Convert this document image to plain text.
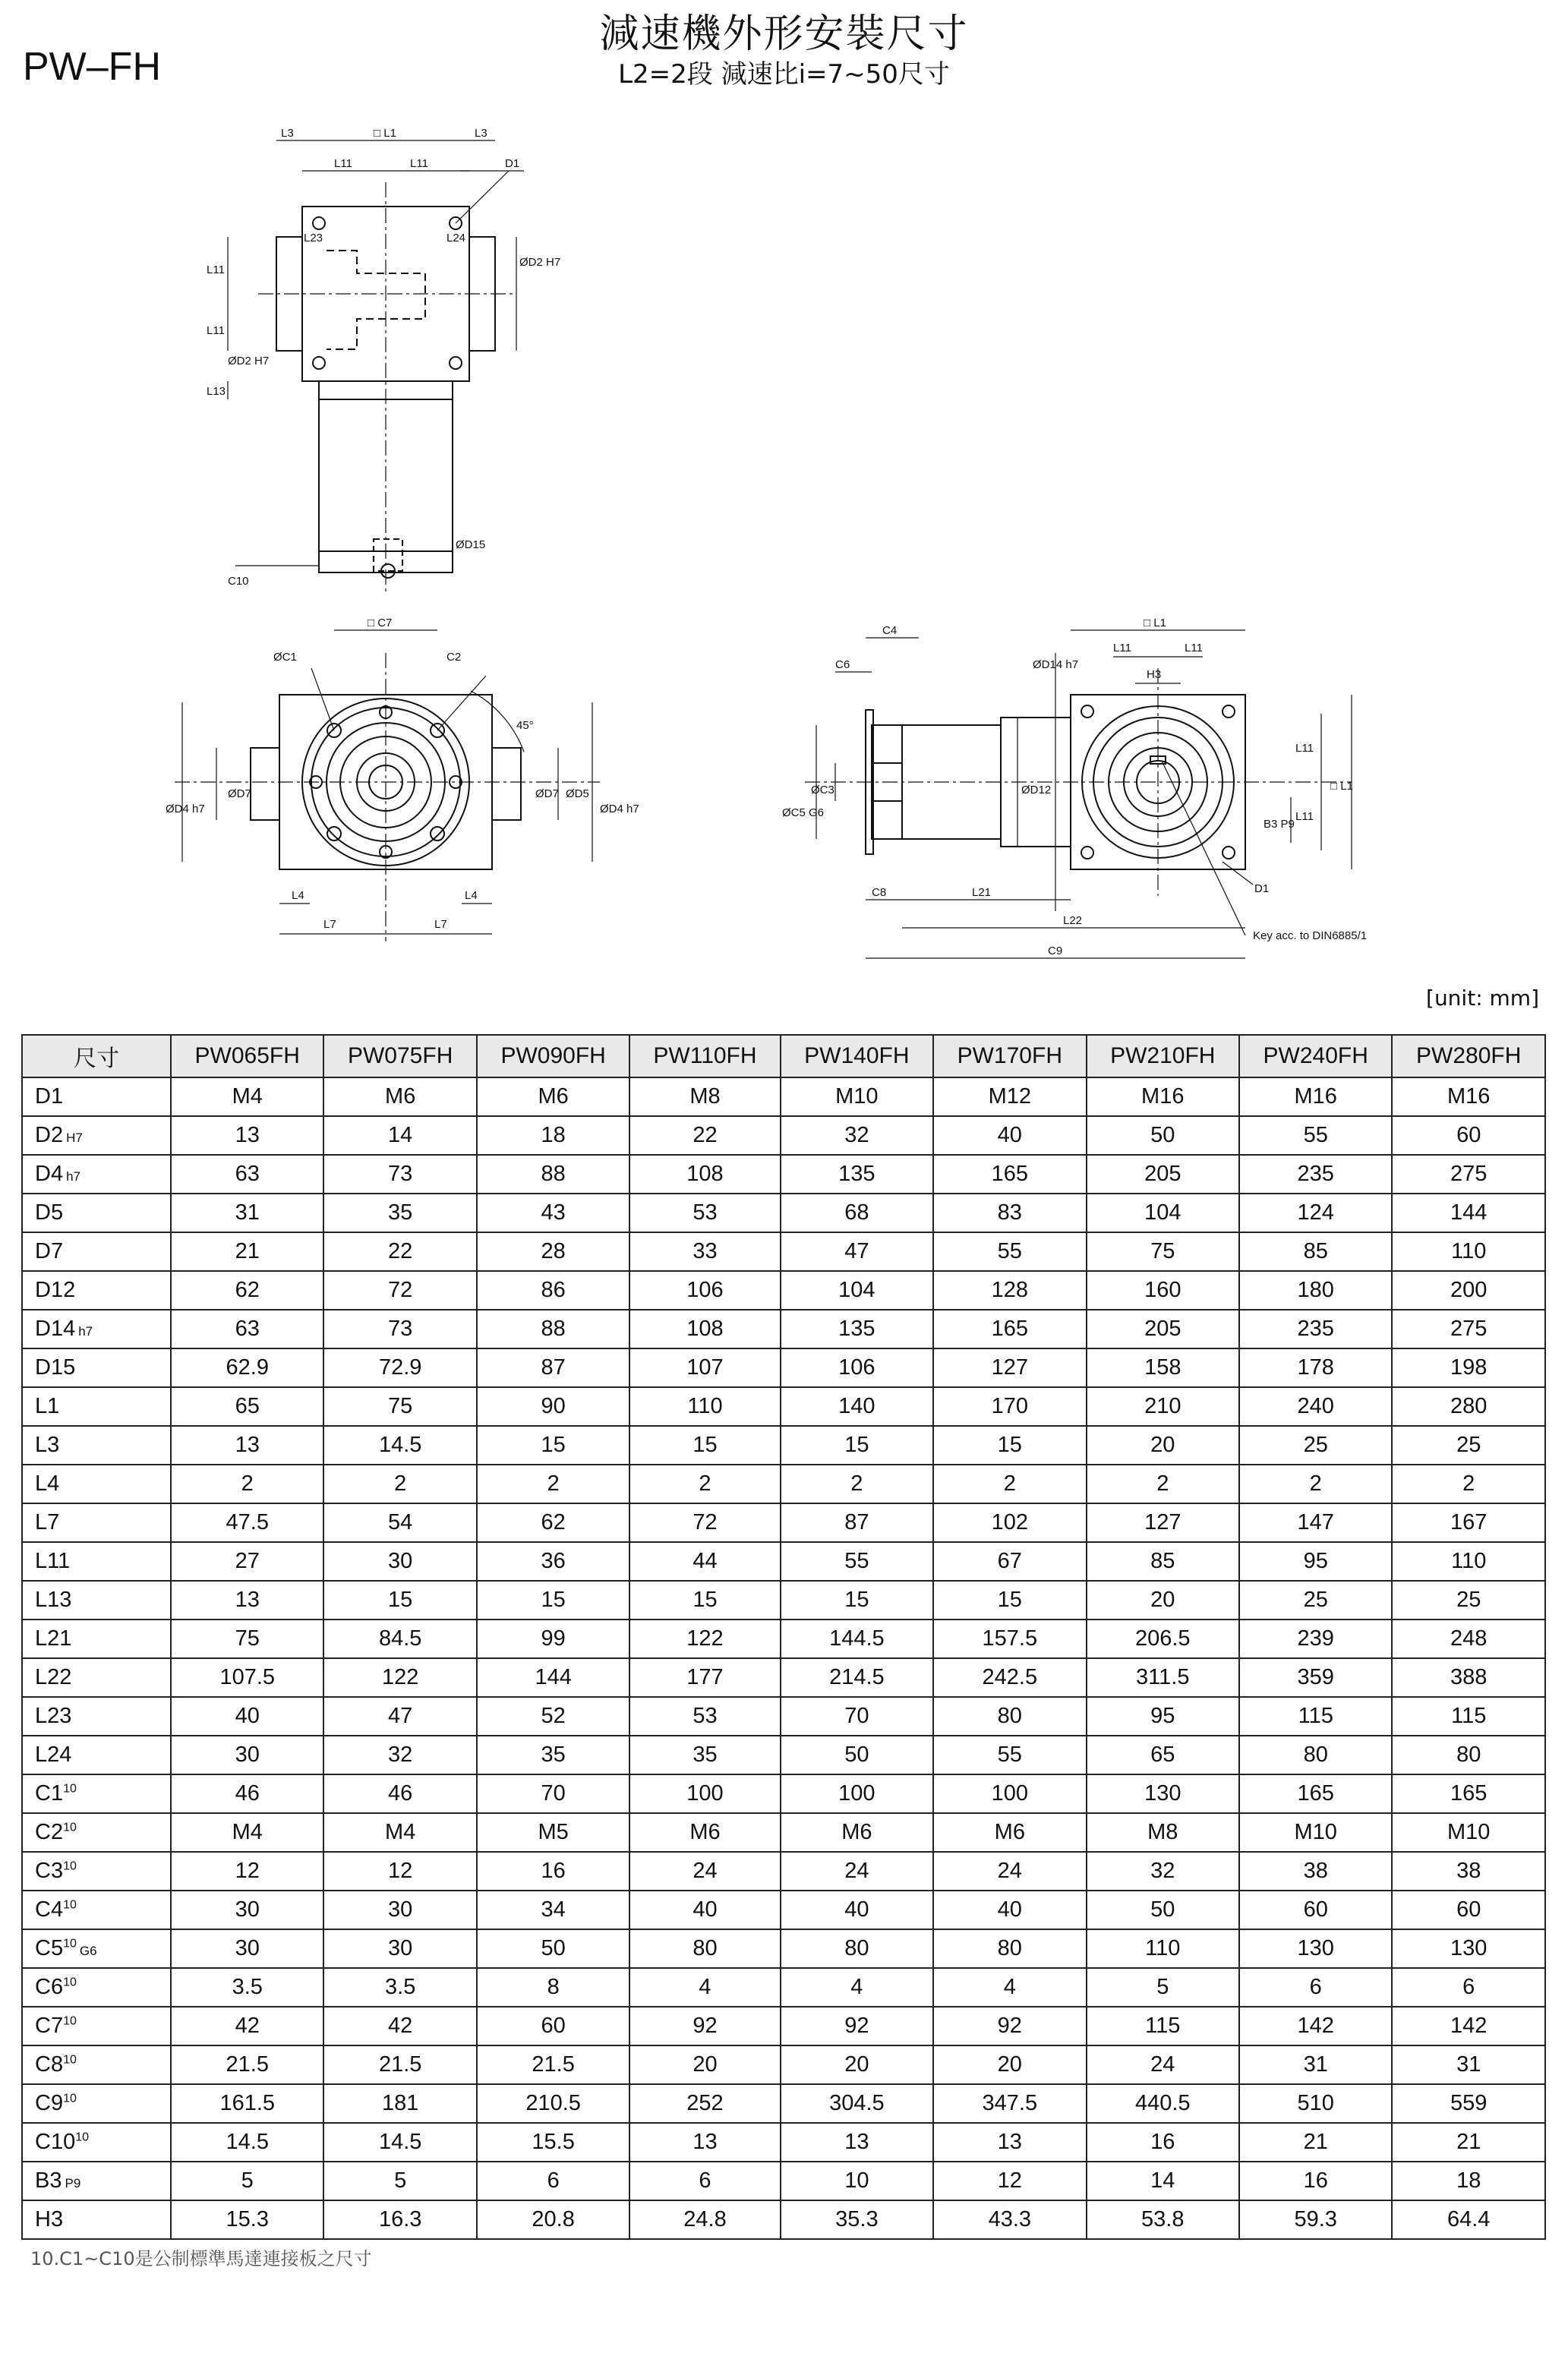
PW–FH
減速機外形安裝尺寸
L2=2段 減速比i=7~50尺寸
L3	□ L1	L3
L11	L11	D1
L23	L24
L11
L11
L13
ØD2 H7
ØD2 H7
ØD15
C10
□ C7
ØC1	C2
45°
ØD4 h7
ØD7	ØD7 ØD5
ØD4 h7
L4	L4
L7	L7
C4
C6
□ L1
L11	L11
H3
ØD14 h7
ØC5 G6
ØC3	ØD12
L11
B3 P9
L11
□ L1
D1
C8	L21
L22
C9
Key acc. to DIN6885/1
[unit: mm]
尺寸	PW065FH	PW075FH	PW090FH	PW110FH	PW140FH	PW170FH	PW210FH	PW240FH	PW280FH
D1	M4	M6	M6	M8	M10	M12	M16	M16	M16
D2 H7	13	14	18	22	32	40	50	55	60
D4 h7	63	73	88	108	135	165	205	235	275
D5	31	35	43	53	68	83	104	124	144
D7	21	22	28	33	47	55	75	85	110
D12	62	72	86	106	104	128	160	180	200
D14 h7	63	73	88	108	135	165	205	235	275
D15	62.9	72.9	87	107	106	127	158	178	198
L1	65	75	90	110	140	170	210	240	280
L3	13	14.5	15	15	15	15	20	25	25
L4	2	2	2	2	2	2	2	2	2
L7	47.5	54	62	72	87	102	127	147	167
L11	27	30	36	44	55	67	85	95	110
L13	13	15	15	15	15	15	20	25	25
L21	75	84.5	99	122	144.5	157.5	206.5	239	248
L22	107.5	122	144	177	214.5	242.5	311.5	359	388
L23	40	47	52	53	70	80	95	115	115
L24	30	32	35	35	50	55	65	80	80
$C1^{10}$	46	46	70	100	100	100	130	165	165
$C2^{10}$	M4	M4	M5	M6	M6	M6	M8	M10	M10
$C3^{10}$	12	12	16	24	24	24	32	38	38
$C4^{10}$	30	30	34	40	40	40	50	60	60
$C5^{10}G6$	30	30	50	80	80	80	110	130	130
$C6^{10}$	3.5	3.5	8	4	4	4	5	6	6
$C7^{10}$	42	42	60	92	92	92	115	142	142
$C8^{10}$	21.5	21.5	21.5	20	20	20	24	31	31
$C9^{10}$	161.5	181	210.5	252	304.5	347.5	440.5	510	559
$C10^{10}$	14.5	14.5	15.5	13	13	13	16	21	21
B3 P9	5	5	6	6	10	12	14	16	18
H3	15.3	16.3	20.8	24.8	35.3	43.3	53.8	59.3	64.4
10.C1~C10是公制標準馬達連接板之尺寸
